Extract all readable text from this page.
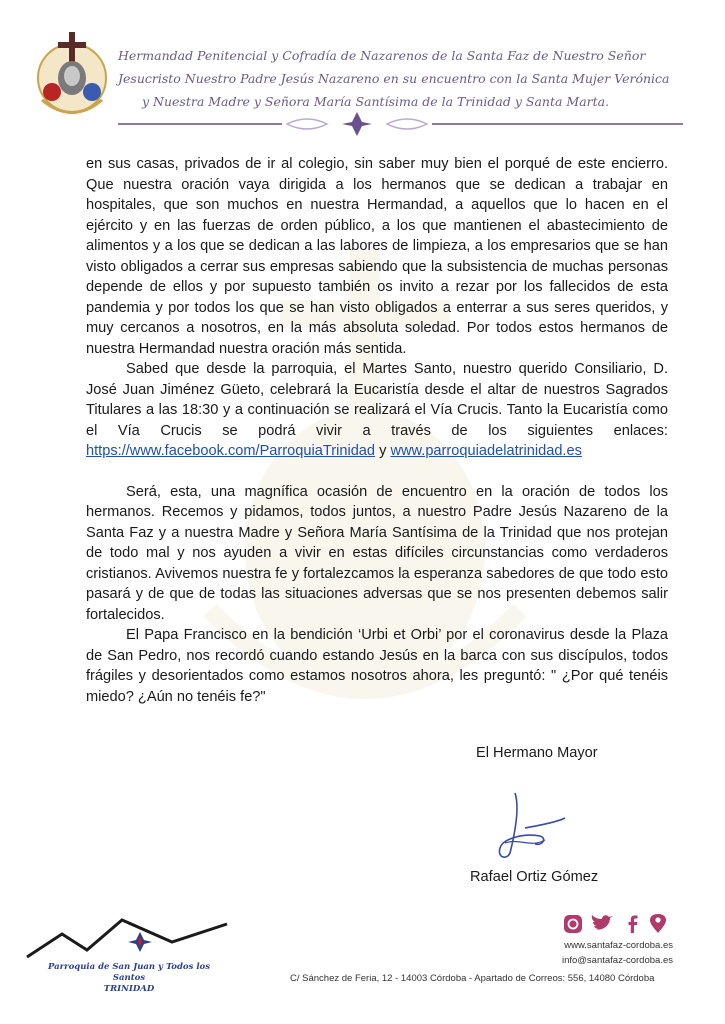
Hermandad Penitencial y Cofradía de Nazarenos de la Santa Faz de Nuestro Señor
Jesucristo Nuestro Padre Jesús Nazareno en su encuentro con la Santa Mujer Verónica
y Nuestra Madre y Señora María Santísima de la Trinidad y Santa Marta.

en sus casas, privados de ir al colegio, sin saber muy bien el porqué de este encierro. Que nuestra oración vaya dirigida a los hermanos que se dedican a trabajar en hospitales, que son muchos en nuestra Hermandad, a aquellos que lo hacen en el ejército y en las fuerzas de orden público, a los que mantienen el abastecimiento de alimentos y a los que se dedican a las labores de limpieza, a los empresarios que se han visto obligados a cerrar sus empresas sabiendo que la subsistencia de muchas personas depende de ellos y por supuesto también os invito a rezar por los fallecidos de esta pandemia y por todos los que se han visto obligados a enterrar a sus seres queridos, y muy cercanos a nosotros, en la más absoluta soledad. Por todos estos hermanos de nuestra Hermandad nuestra oración más sentida.

Sabed que desde la parroquia, el Martes Santo, nuestro querido Consiliario, D. José Juan Jiménez Güeto, celebrará la Eucaristía desde el altar de nuestros Sagrados Titulares a las 18:30 y a continuación se realizará el Vía Crucis. Tanto la Eucaristía como el Vía Crucis se podrá vivir a través de los siguientes enlaces: https://www.facebook.com/ParroquiaTrinidad y www.parroquiadelatrinidad.es

Será, esta, una magnífica ocasión de encuentro en la oración de todos los hermanos. Recemos y pidamos, todos juntos, a nuestro Padre Jesús Nazareno de la Santa Faz y a nuestra Madre y Señora María Santísima de la Trinidad que nos protejan de todo mal y nos ayuden a vivir en estas difíciles circunstancias como verdaderos cristianos. Avivemos nuestra fe y fortalezcamos la esperanza sabedores de que todo esto pasará y de que de todas las situaciones adversas que se nos presenten debemos salir fortalecidos.

El Papa Francisco en la bendición ‘Urbi et Orbi’ por el coronavirus desde la Plaza de San Pedro, nos recordó cuando estando Jesús en la barca con sus discípulos, todos frágiles y desorientados como estamos nosotros ahora, les preguntó: " ¿Por qué tenéis miedo? ¿Aún no tenéis fe?"

El Hermano Mayor
Rafael Ortiz Gómez
Parroquia de San Juan y Todos los Santos
TRINIDAD
www.santafaz-cordoba.es
info@santafaz-cordoba.es
C/ Sánchez de Feria, 12 - 14003 Córdoba - Apartado de Correos: 556, 14080 Córdoba
